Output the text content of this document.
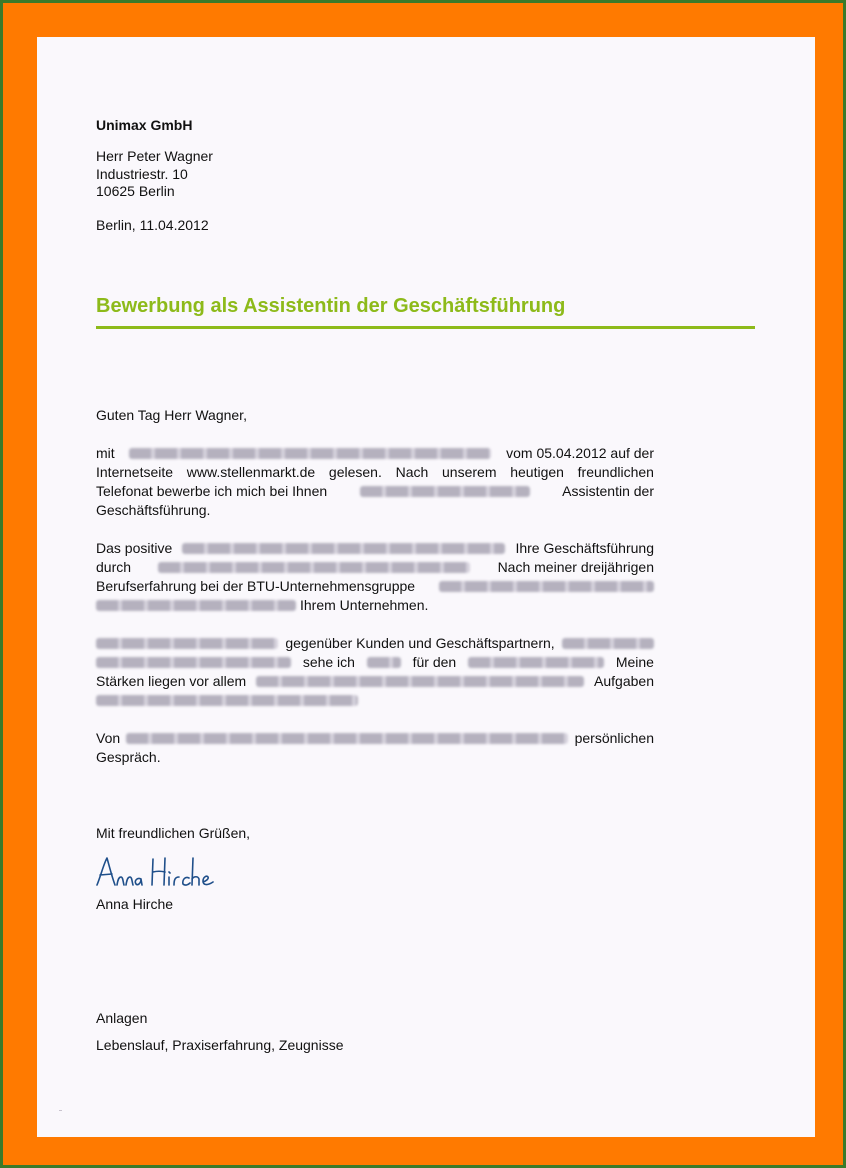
Unimax GmbH
Herr Peter Wagner
Industriestr. 10
10625 Berlin
Berlin, 11.04.2012
Bewerbung als Assistentin der Geschäftsführung
Guten Tag Herr Wagner,
mit	vom 05.04.2012 auf der
Internetseite www.stellenmarkt.de gelesen. Nach unserem heutigen freundlichen
Telefonat bewerbe ich mich bei Ihnen	Assistentin der
Geschäftsführung.
Das positive	Ihre Geschäftsführung
durch	Nach meiner dreijährigen
Berufserfahrung bei der BTU-Unternehmensgruppe
Ihrem Unternehmen.
gegenüber Kunden und Geschäftspartnern,
sehe ich	für den	Meine
Stärken liegen vor allem	Aufgaben
Von	persönlichen
Gespräch.
Mit freundlichen Grüßen,
Anna Hirche
Anna Hirche
Anlagen
Lebenslauf, Praxiserfahrung, Zeugnisse
